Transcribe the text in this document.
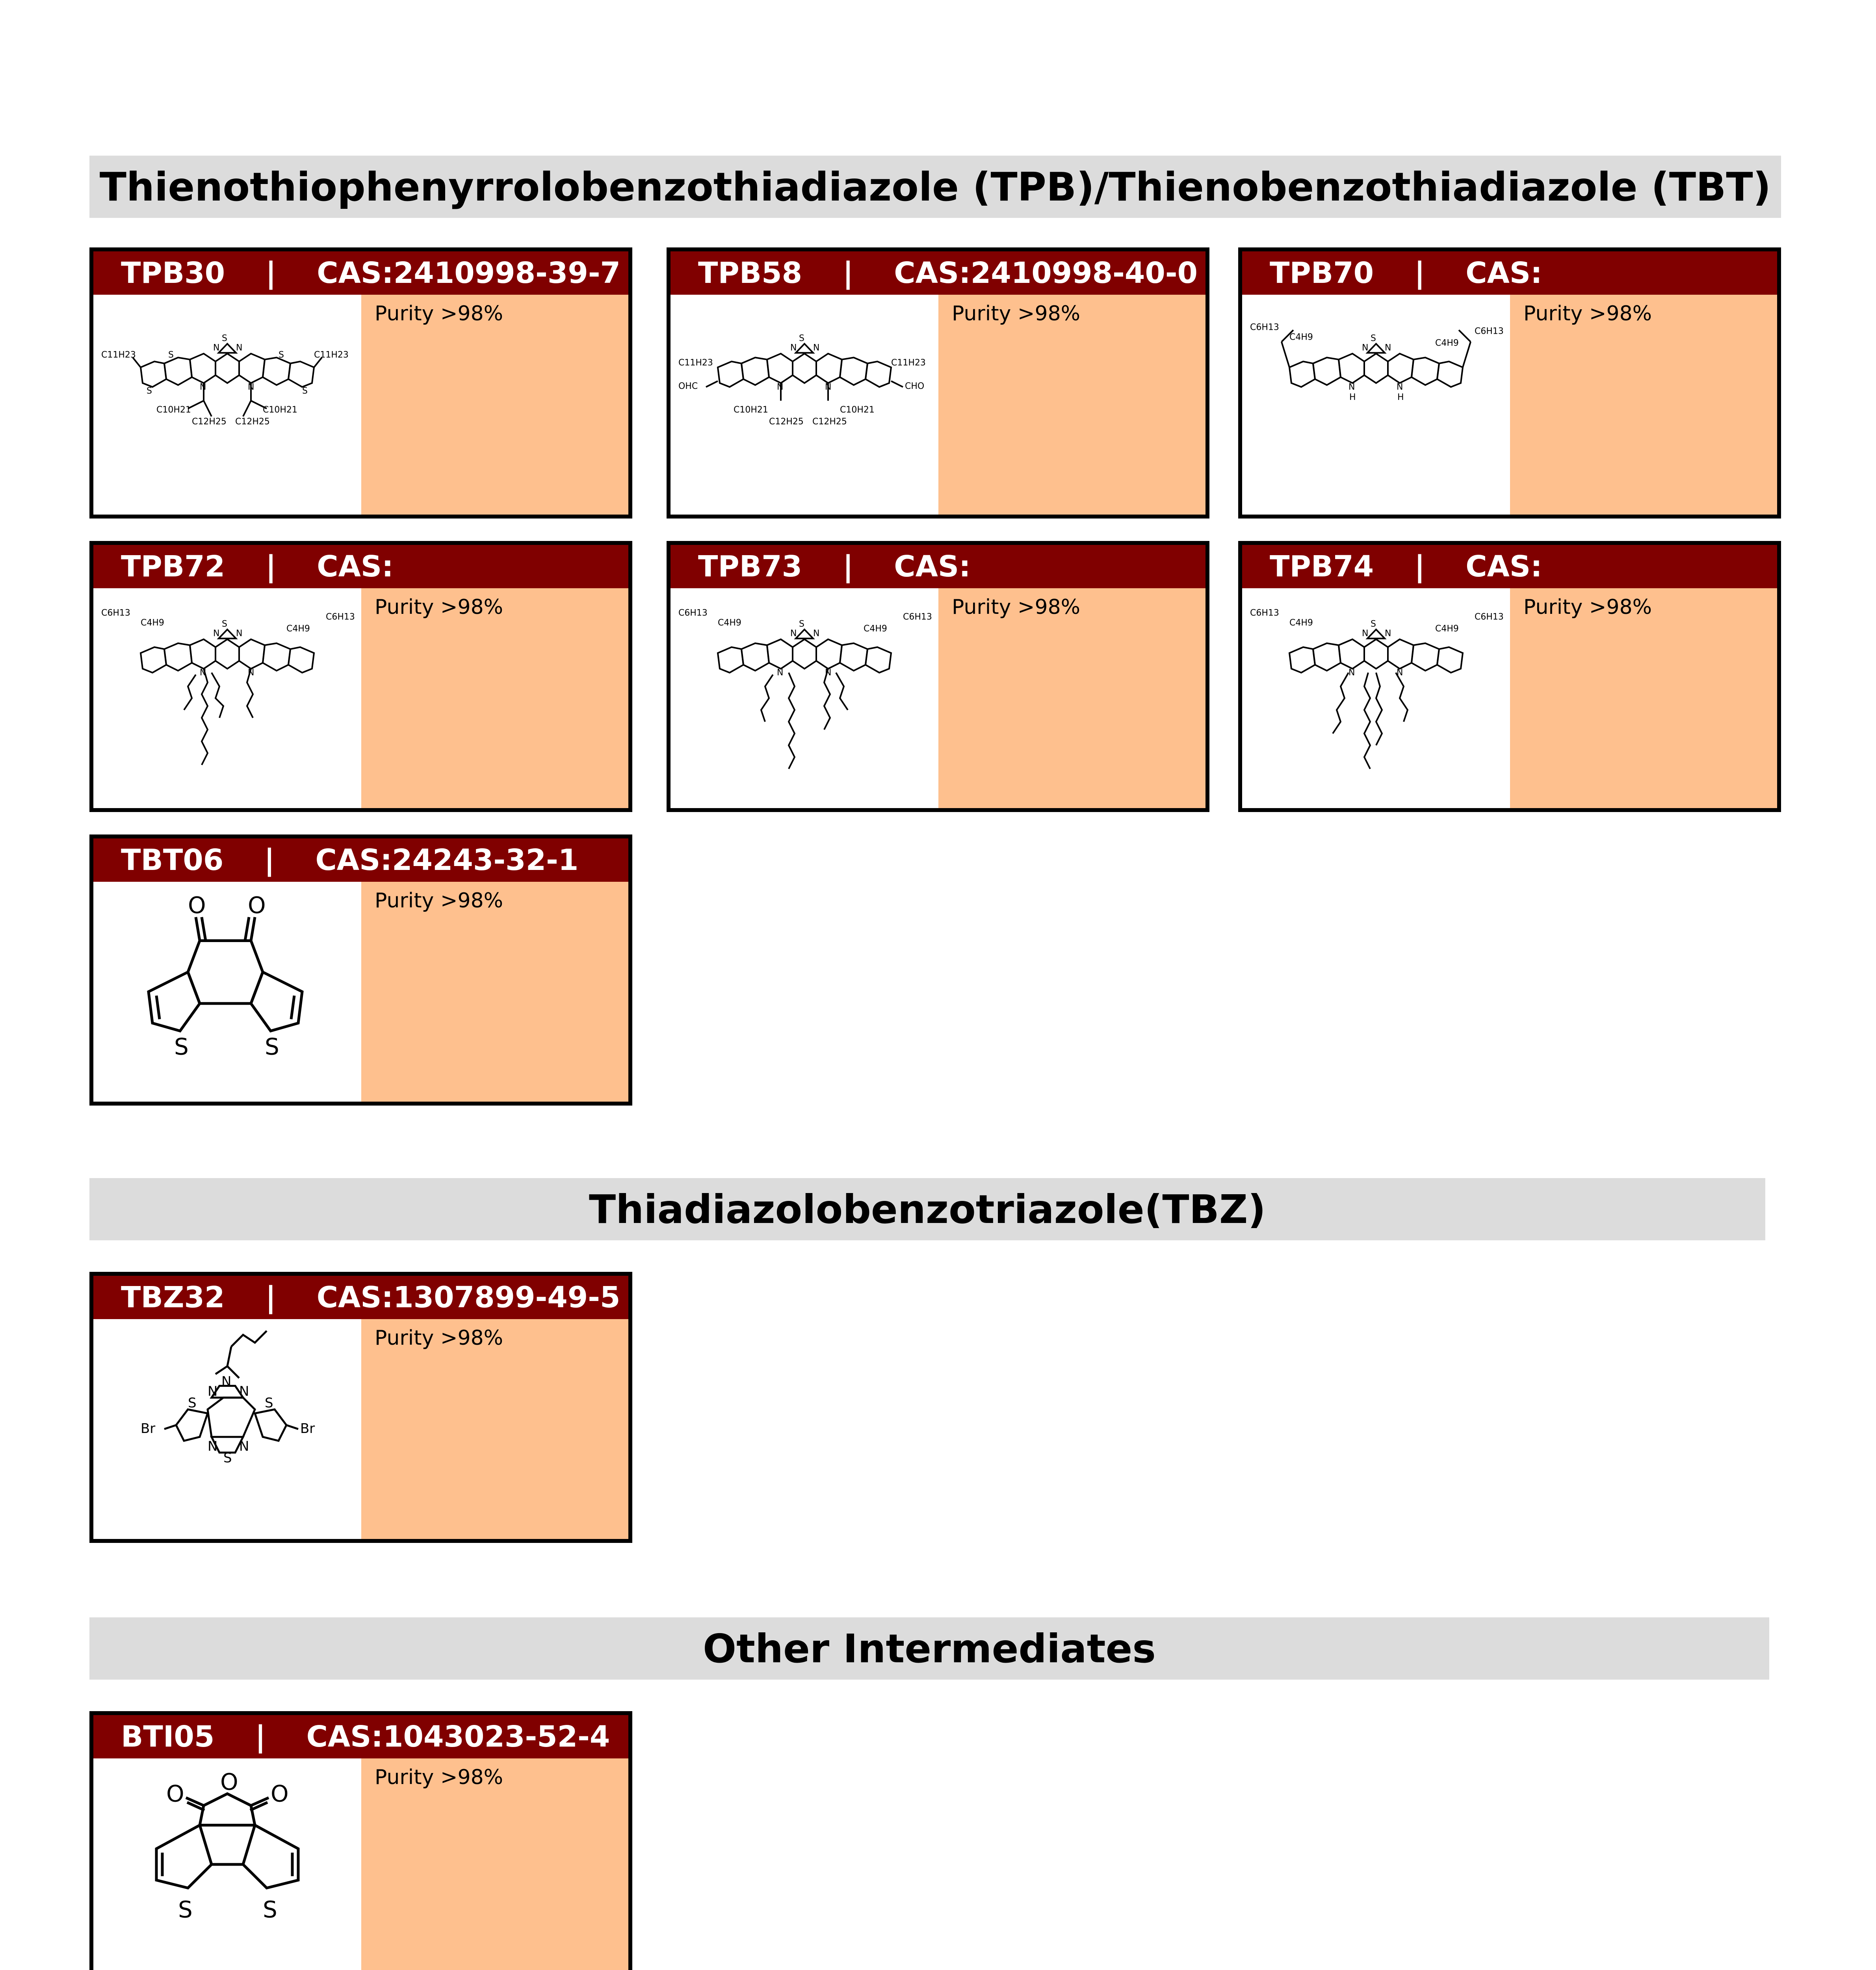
Thienothiophenyrrolobenzothiadiazole (TPB)/Thienobenzothiadiazole (TBT)
TPB30 | CAS:2410998-39-7
S
N N
N	N
S	S
S	S
C11H23	C11H23
C10H21	C10H21
C12H25 C12H25
Purity >98%
TPB58 | CAS:2410998-40-0
S
N N
N	N
C11H23	C11H23
OHC	CHO
C10H21	C10H21
C12H25 C12H25
Purity >98%
TPB70 | CAS:
S
N N
N	N
H	H
C6H13
C4H9
C6H13
C4H9
Purity >98%
TPB72 | CAS:
S
N N
N	N
C6H13
C4H9
C6H13
C4H9
Purity >98%
TPB73 | CAS:
S
N N
N	N
C6H13
C4H9
C6H13
C4H9
Purity >98%
TPB74 | CAS:
S
N N
N	N
C6H13
C4H9
C6H13
C4H9
Purity >98%
TBT06 | CAS:24243-32-1
O O
S	S
Purity >98%
Thiadiazolobenzotriazole(TBZ)
TBZ32 | CAS:1307899-49-5
N
N
N
N N
S
S	S
Br	Br
Purity >98%
Other Intermediates
BTI05 | CAS:1043023-52-4
O O O
S	S
Purity >98%
